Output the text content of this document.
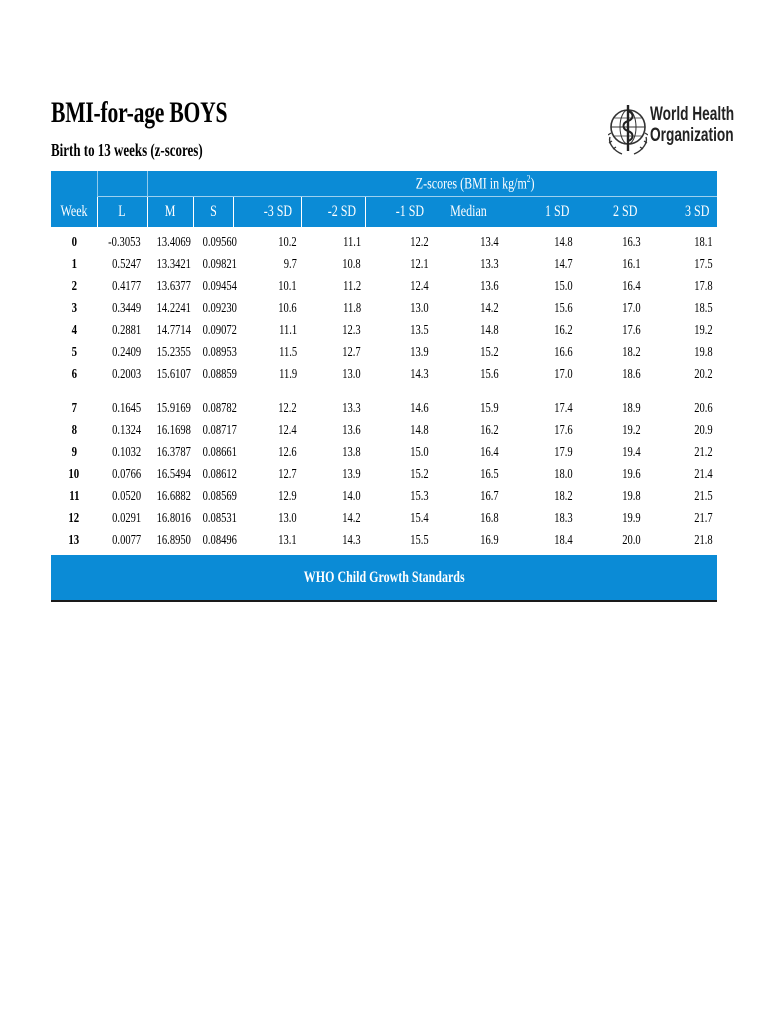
BMI-for-age BOYS
Birth to 13 weeks (z-scores)
World Health
Organization
				Z-scores (BMI in $kg/m^2$)						
Week	L	M	S	-3 SD	-2 SD	-1 SD	Median	1 SD	2 SD	3 SD
0	-0.3053	13.4069	0.09560	10.2	11.1	12.2	13.4	14.8	16.3	18.1
1	0.5247	13.3421	0.09821	9.7	10.8	12.1	13.3	14.7	16.1	17.5
2	0.4177	13.6377	0.09454	10.1	11.2	12.4	13.6	15.0	16.4	17.8
3	0.3449	14.2241	0.09230	10.6	11.8	13.0	14.2	15.6	17.0	18.5
4	0.2881	14.7714	0.09072	11.1	12.3	13.5	14.8	16.2	17.6	19.2
5	0.2409	15.2355	0.08953	11.5	12.7	13.9	15.2	16.6	18.2	19.8
6	0.2003	15.6107	0.08859	11.9	13.0	14.3	15.6	17.0	18.6	20.2
7	0.1645	15.9169	0.08782	12.2	13.3	14.6	15.9	17.4	18.9	20.6
8	0.1324	16.1698	0.08717	12.4	13.6	14.8	16.2	17.6	19.2	20.9
9	0.1032	16.3787	0.08661	12.6	13.8	15.0	16.4	17.9	19.4	21.2
10	0.0766	16.5494	0.08612	12.7	13.9	15.2	16.5	18.0	19.6	21.4
11	0.0520	16.6882	0.08569	12.9	14.0	15.3	16.7	18.2	19.8	21.5
12	0.0291	16.8016	0.08531	13.0	14.2	15.4	16.8	18.3	19.9	21.7
13	0.0077	16.8950	0.08496	13.1	14.3	15.5	16.9	18.4	20.0	21.8
WHO Child Growth Standards
